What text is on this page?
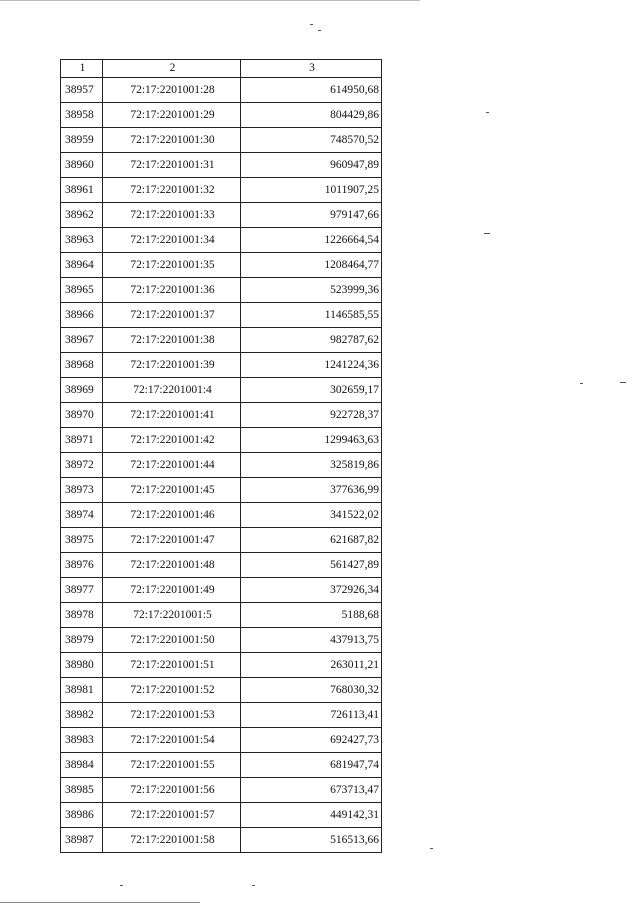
1	2	3
38957	72:17:2201001:28	614950,68
38958	72:17:2201001:29	804429,86
38959	72:17:2201001:30	748570,52
38960	72:17:2201001:31	960947,89
38961	72:17:2201001:32	1011907,25
38962	72:17:2201001:33	979147,66
38963	72:17:2201001:34	1226664,54
38964	72:17:2201001:35	1208464,77
38965	72:17:2201001:36	523999,36
38966	72:17:2201001:37	1146585,55
38967	72:17:2201001:38	982787,62
38968	72:17:2201001:39	1241224,36
38969	72:17:2201001:4	302659,17
38970	72:17:2201001:41	922728,37
38971	72:17:2201001:42	1299463,63
38972	72:17:2201001:44	325819,86
38973	72:17:2201001:45	377636,99
38974	72:17:2201001:46	341522,02
38975	72:17:2201001:47	621687,82
38976	72:17:2201001:48	561427,89
38977	72:17:2201001:49	372926,34
38978	72:17:2201001:5	5188,68
38979	72:17:2201001:50	437913,75
38980	72:17:2201001:51	263011,21
38981	72:17:2201001:52	768030,32
38982	72:17:2201001:53	726113,41
38983	72:17:2201001:54	692427,73
38984	72:17:2201001:55	681947,74
38985	72:17:2201001:56	673713,47
38986	72:17:2201001:57	449142,31
38987	72:17:2201001:58	516513,66
